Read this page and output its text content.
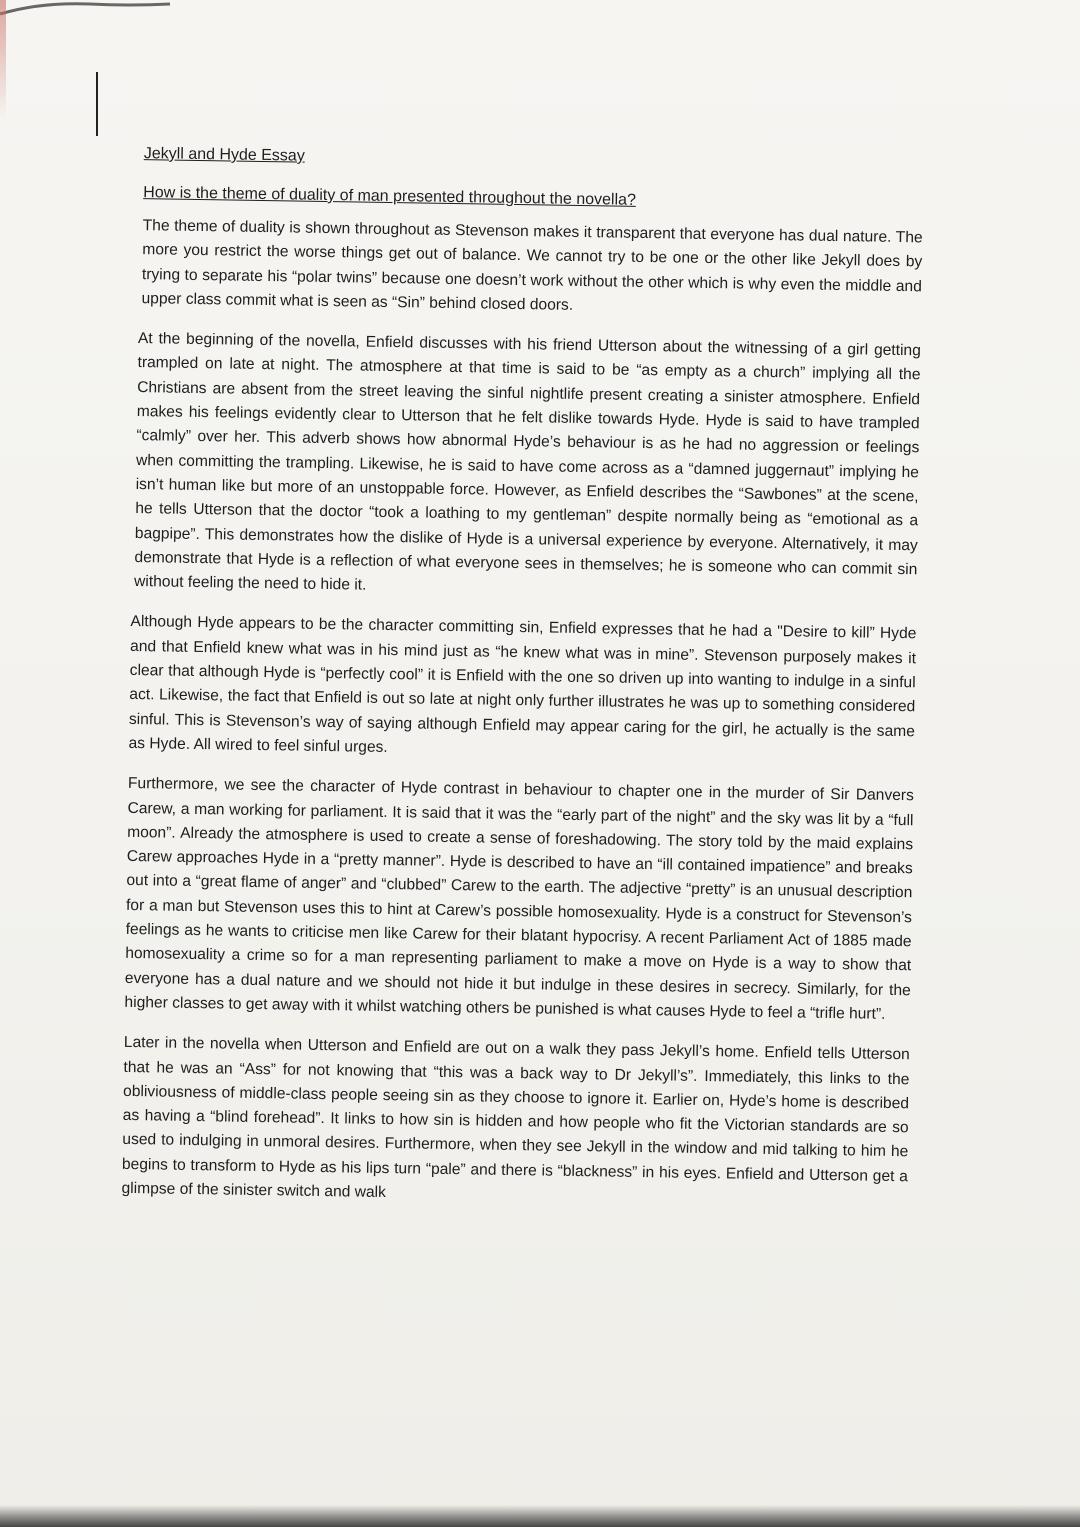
Jekyll and Hyde Essay
How is the theme of duality of man presented throughout the novella?

The theme of duality is shown throughout as Stevenson makes it transparent that everyone has dual nature. The more you restrict the worse things get out of balance. We cannot try to be one or the other like Jekyll does by trying to separate his “polar twins” because one doesn’t work without the other which is why even the middle and upper class commit what is seen as “Sin” behind closed doors.

At the beginning of the novella, Enfield discusses with his friend Utterson about the witnessing of a girl getting trampled on late at night. The atmosphere at that time is said to be “as empty as a church” implying all the Christians are absent from the street leaving the sinful nightlife present creating a sinister atmosphere. Enfield makes his feelings evidently clear to Utterson that he felt dislike towards Hyde. Hyde is said to have trampled “calmly” over her. This adverb shows how abnormal Hyde’s behaviour is as he had no aggression or feelings when committing the trampling. Likewise, he is said to have come across as a “damned juggernaut” implying he isn’t human like but more of an unstoppable force. However, as Enfield describes the “Sawbones” at the scene, he tells Utterson that the doctor “took a loathing to my gentleman” despite normally being as “emotional as a bagpipe”. This demonstrates how the dislike of Hyde is a universal experience by everyone. Alternatively, it may demonstrate that Hyde is a reflection of what everyone sees in themselves; he is someone who can commit sin without feeling the need to hide it.

Although Hyde appears to be the character committing sin, Enfield expresses that he had a "Desire to kill” Hyde and that Enfield knew what was in his mind just as “he knew what was in mine”. Stevenson purposely makes it clear that although Hyde is “perfectly cool” it is Enfield with the one so driven up into wanting to indulge in a sinful act. Likewise, the fact that Enfield is out so late at night only further illustrates he was up to something considered sinful. This is Stevenson’s way of saying although Enfield may appear caring for the girl, he actually is the same as Hyde. All wired to feel sinful urges.

Furthermore, we see the character of Hyde contrast in behaviour to chapter one in the murder of Sir Danvers Carew, a man working for parliament. It is said that it was the “early part of the night” and the sky was lit by a “full moon”. Already the atmosphere is used to create a sense of foreshadowing. The story told by the maid explains Carew approaches Hyde in a “pretty manner”. Hyde is described to have an “ill contained impatience” and breaks out into a “great flame of anger” and “clubbed” Carew to the earth. The adjective “pretty” is an unusual description for a man but Stevenson uses this to hint at Carew’s possible homosexuality. Hyde is a construct for Stevenson’s feelings as he wants to criticise men like Carew for their blatant hypocrisy. A recent Parliament Act of 1885 made homosexuality a crime so for a man representing parliament to make a move on Hyde is a way to show that everyone has a dual nature and we should not hide it but indulge in these desires in secrecy. Similarly, for the higher classes to get away with it whilst watching others be punished is what causes Hyde to feel a “trifle hurt”.

Later in the novella when Utterson and Enfield are out on a walk they pass Jekyll’s home. Enfield tells Utterson that he was an “Ass” for not knowing that “this was a back way to Dr Jekyll’s”. Immediately, this links to the obliviousness of middle-class people seeing sin as they choose to ignore it. Earlier on, Hyde’s home is described as having a “blind forehead”. It links to how sin is hidden and how people who fit the Victorian standards are so used to indulging in unmoral desires. Furthermore, when they see Jekyll in the window and mid talking to him he begins to transform to Hyde as his lips turn “pale” and there is “blackness” in his eyes. Enfield and Utterson get a glimpse of the sinister switch and walk
